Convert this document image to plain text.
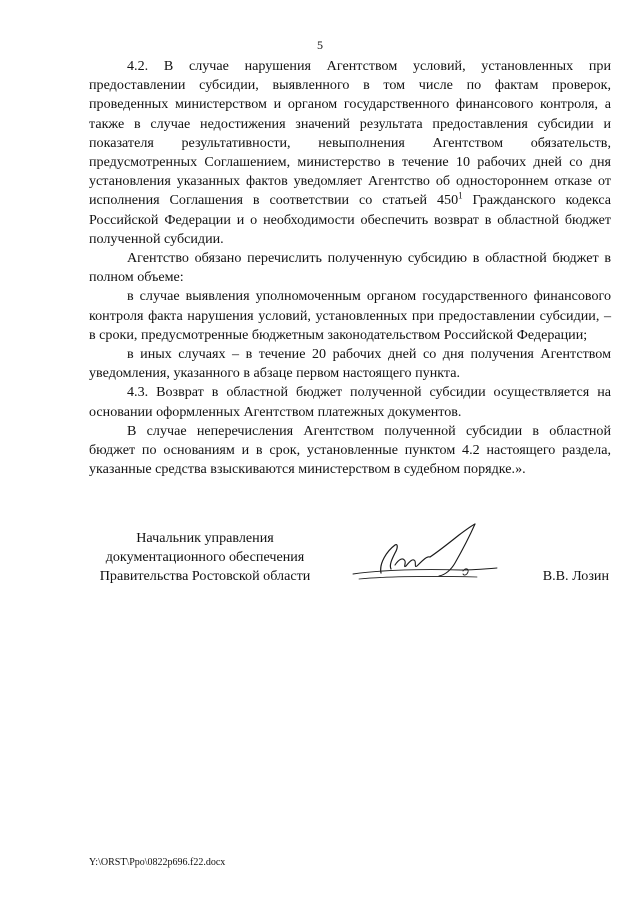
5

4.2. В случае нарушения Агентством условий, установленных при предоставлении субсидии, выявленного в том числе по фактам проверок, проведенных министерством и органом государственного финансового контроля, а также в случае недостижения значений результата предоставления субсидии и показателя результативности, невыполнения Агентством обязательств, предусмотренных Соглашением, министерство в течение 10 рабочих дней со дня установления указанных фактов уведомляет Агентство об одностороннем отказе от исполнения Соглашения в соответствии со статьей $450^1$ Гражданского кодекса Российской Федерации и о необходимости обеспечить возврат в областной бюджет полученной субсидии.

Агентство обязано перечислить полученную субсидию в областной бюджет в полном объеме:

в случае выявления уполномоченным органом государственного финансового контроля факта нарушения условий, установленных при предоставлении субсидии, – в сроки, предусмотренные бюджетным законодательством Российской Федерации;

в иных случаях – в течение 20 рабочих дней со дня получения Агентством уведомления, указанного в абзаце первом настоящего пункта.

4.3. Возврат в областной бюджет полученной субсидии осуществляется на основании оформленных Агентством платежных документов.

В случае неперечисления Агентством полученной субсидии в областной бюджет по основаниям и в срок, установленные пунктом 4.2 настоящего раздела, указанные средства взыскиваются министерством в судебном порядке.».

Начальник управления
документационного обеспечения
Правительства Ростовской области	В.В. Лозин
Y:\ORST\Ppo\0822p696.f22.docx
